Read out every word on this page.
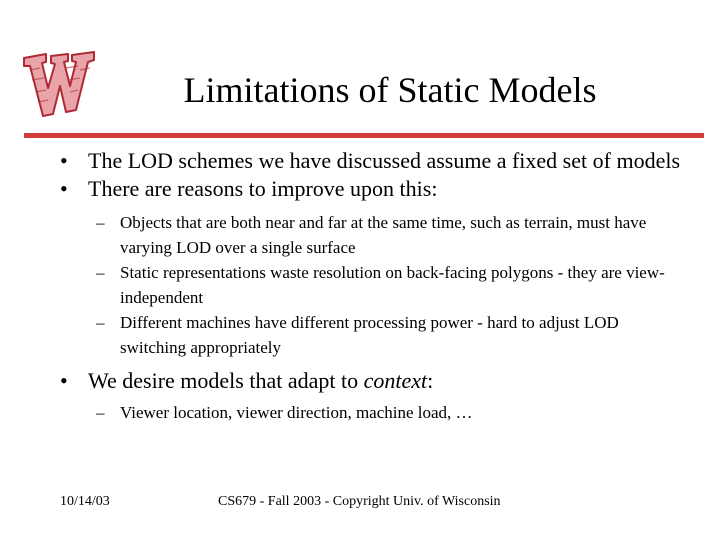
Limitations of Static Models
• The LOD schemes we have discussed assume a fixed set of models
• There are reasons to improve upon this:
– Objects that are both near and far at the same time, such as terrain, must have varying LOD over a single surface
– Static representations waste resolution on back-facing polygons - they are view-independent
– Different machines have different processing power - hard to adjust LOD switching appropriately
• We desire models that adapt to context:
– Viewer location, viewer direction, machine load, …
10/14/03	CS679 - Fall 2003 - Copyright Univ. of Wisconsin
